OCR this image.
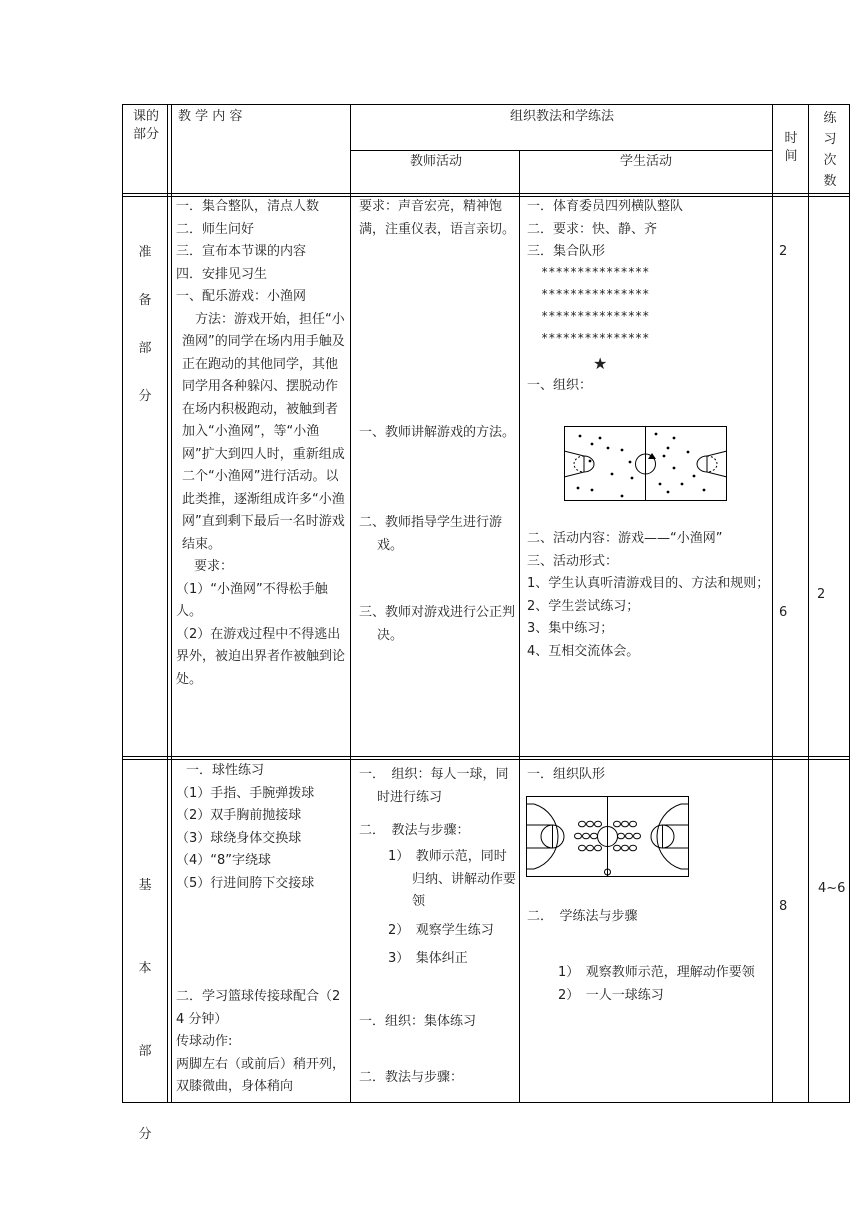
课的
部分
教 学 内 容	组织教法和学练法
教师活动	学生活动
时
间
练
习
次
数
准
备
部
分
一．集合整队，清点人数
二．师生问好
三．宣布本节课的内容
四．安排见习生
一、配乐游戏：小渔网
　方法：游戏开始，担任“小渔网”的同学在场内用手触及正在跑动的其他同学，其他同学用各种躲闪、摆脱动作在场内积极跑动，被触到者加入“小渔网”，等“小渔网”扩大到四人时，重新组成二个“小渔网”进行活动。以此类推，逐渐组成许多“小渔网”直到剩下最后一名时游戏结束。
要求：
（1）“小渔网”不得松手触人。
（2）在游戏过程中不得逃出界外，被迫出界者作被触到论处。
要求：声音宏亮，精神饱满，注重仪表，语言亲切。
一、教师讲解游戏的方法。
二、教师指导学生进行游戏。
三、教师对游戏进行公正判决。
一．体育委员四列横队整队
二．要求：快、静、齐
三．集合队形
***************
***************
***************
***************
★
一、组织：
二、活动内容：游戏——“小渔网”
三、活动形式：
1、学生认真听清游戏目的、方法和规则；
2、学生尝试练习；
3、集中练习；
4、互相交流体会。
2
6
2
基
本
部
分
一．球性练习
（1）手指、手腕弹拨球
（2）双手胸前抛接球
（3）球绕身体交换球
（4）“8”字绕球
（5）行进间胯下交接球
二．学习篮球传接球配合（24 分钟）
传球动作:
两脚左右（或前后）稍开列，双膝微曲，身体稍向
一．　组织：每人一球，同时进行练习
二．　教法与步骤：
1）　教师示范，同时归纳、讲解动作要领
2）　观察学生练习
3）　集体纠正
一．组织：集体练习
二．教法与步骤：
一．组织队形
二．　学练法与步骤
1）　观察教师示范，理解动作要领
2）　一人一球练习
8
4~6
